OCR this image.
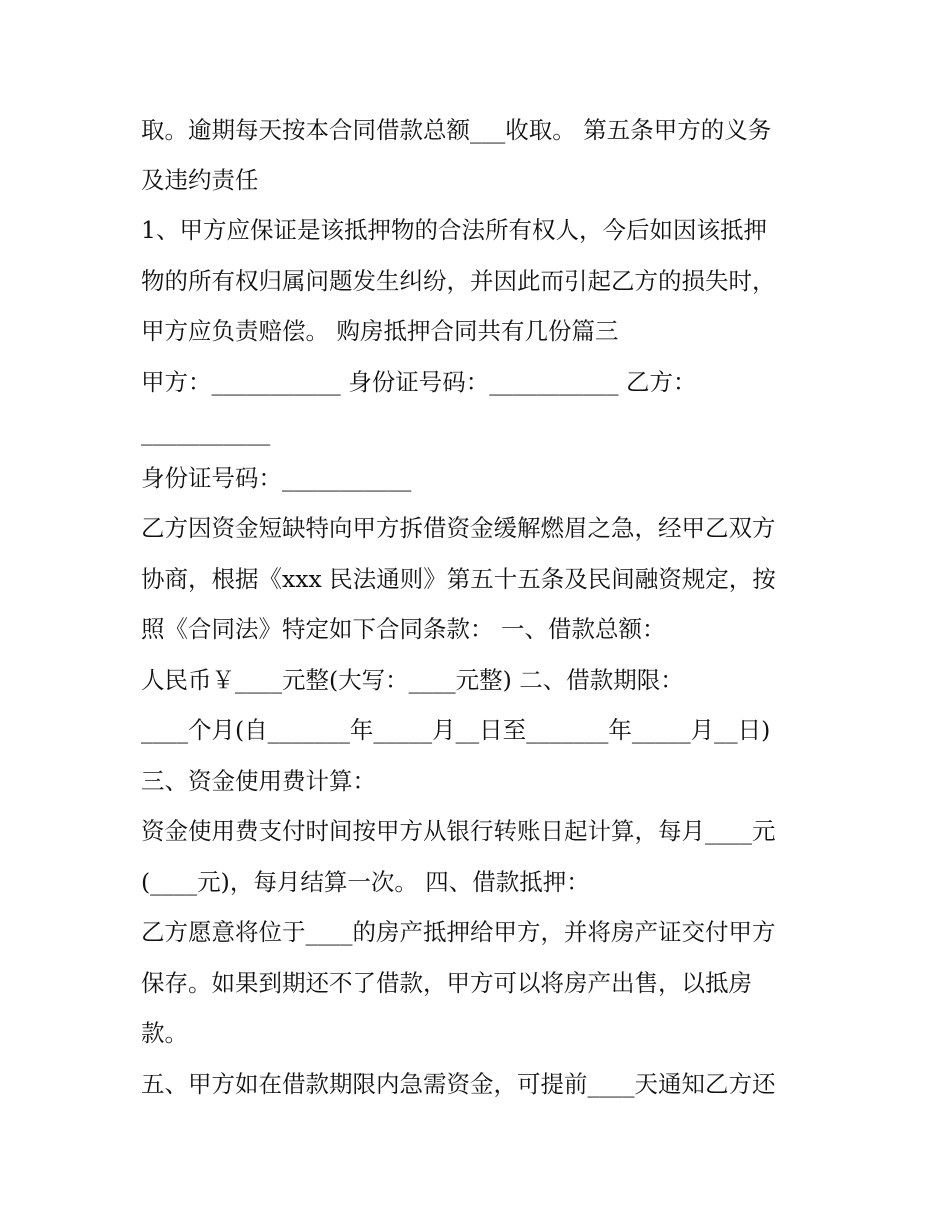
取。逾期每天按本合同借款总额___收取。 第五条甲方的义务
及违约责任
1、甲方应保证是该抵押物的合法所有权人，今后如因该抵押
物的所有权归属问题发生纠纷，并因此而引起乙方的损失时，
甲方应负责赔偿。 购房抵押合同共有几份篇三
甲方：___________ 身份证号码：___________ 乙方：
___________
身份证号码：___________
乙方因资金短缺特向甲方拆借资金缓解燃眉之急，经甲乙双方
协商，根据《xxx 民法通则》第五十五条及民间融资规定，按
照《合同法》特定如下合同条款： 一、借款总额：
人民币￥____元整(大写：____元整) 二、借款期限：
____个月(自_______年_____月__日至_______年_____月__日)
三、资金使用费计算：
资金使用费支付时间按甲方从银行转账日起计算，每月____元
(____元)，每月结算一次。 四、借款抵押：
乙方愿意将位于____的房产抵押给甲方，并将房产证交付甲方
保存。如果到期还不了借款，甲方可以将房产出售，以抵房
款。
五、甲方如在借款期限内急需资金，可提前____天通知乙方还
